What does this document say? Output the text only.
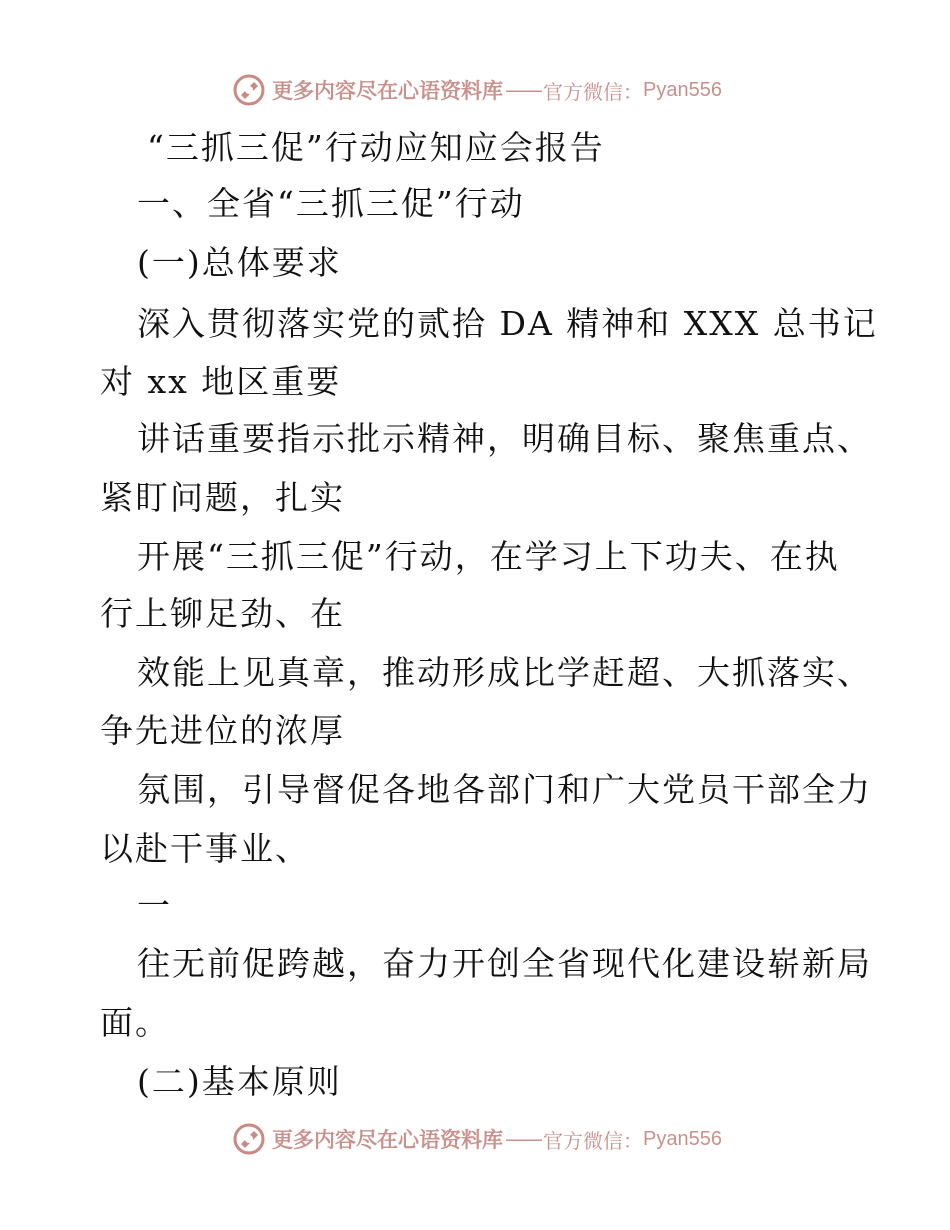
更多内容尽在心语资料库 —— 官方微信： Pyan556
“三抓三促”行动应知应会报告
一、全省“三抓三促”行动
(一)总体要求
深入贯彻落实党的贰拾 DA 精神和 XXX 总书记
对 xx 地区重要
讲话重要指示批示精神，明确目标、聚焦重点、
紧盯问题，扎实
开展“三抓三促”行动，在学习上下功夫、在执
行上铆足劲、在
效能上见真章，推动形成比学赶超、大抓落实、
争先进位的浓厚
氛围，引导督促各地各部门和广大党员干部全力
以赴干事业、
一
往无前促跨越，奋力开创全省现代化建设崭新局
面。
(二)基本原则
更多内容尽在心语资料库 —— 官方微信： Pyan556
